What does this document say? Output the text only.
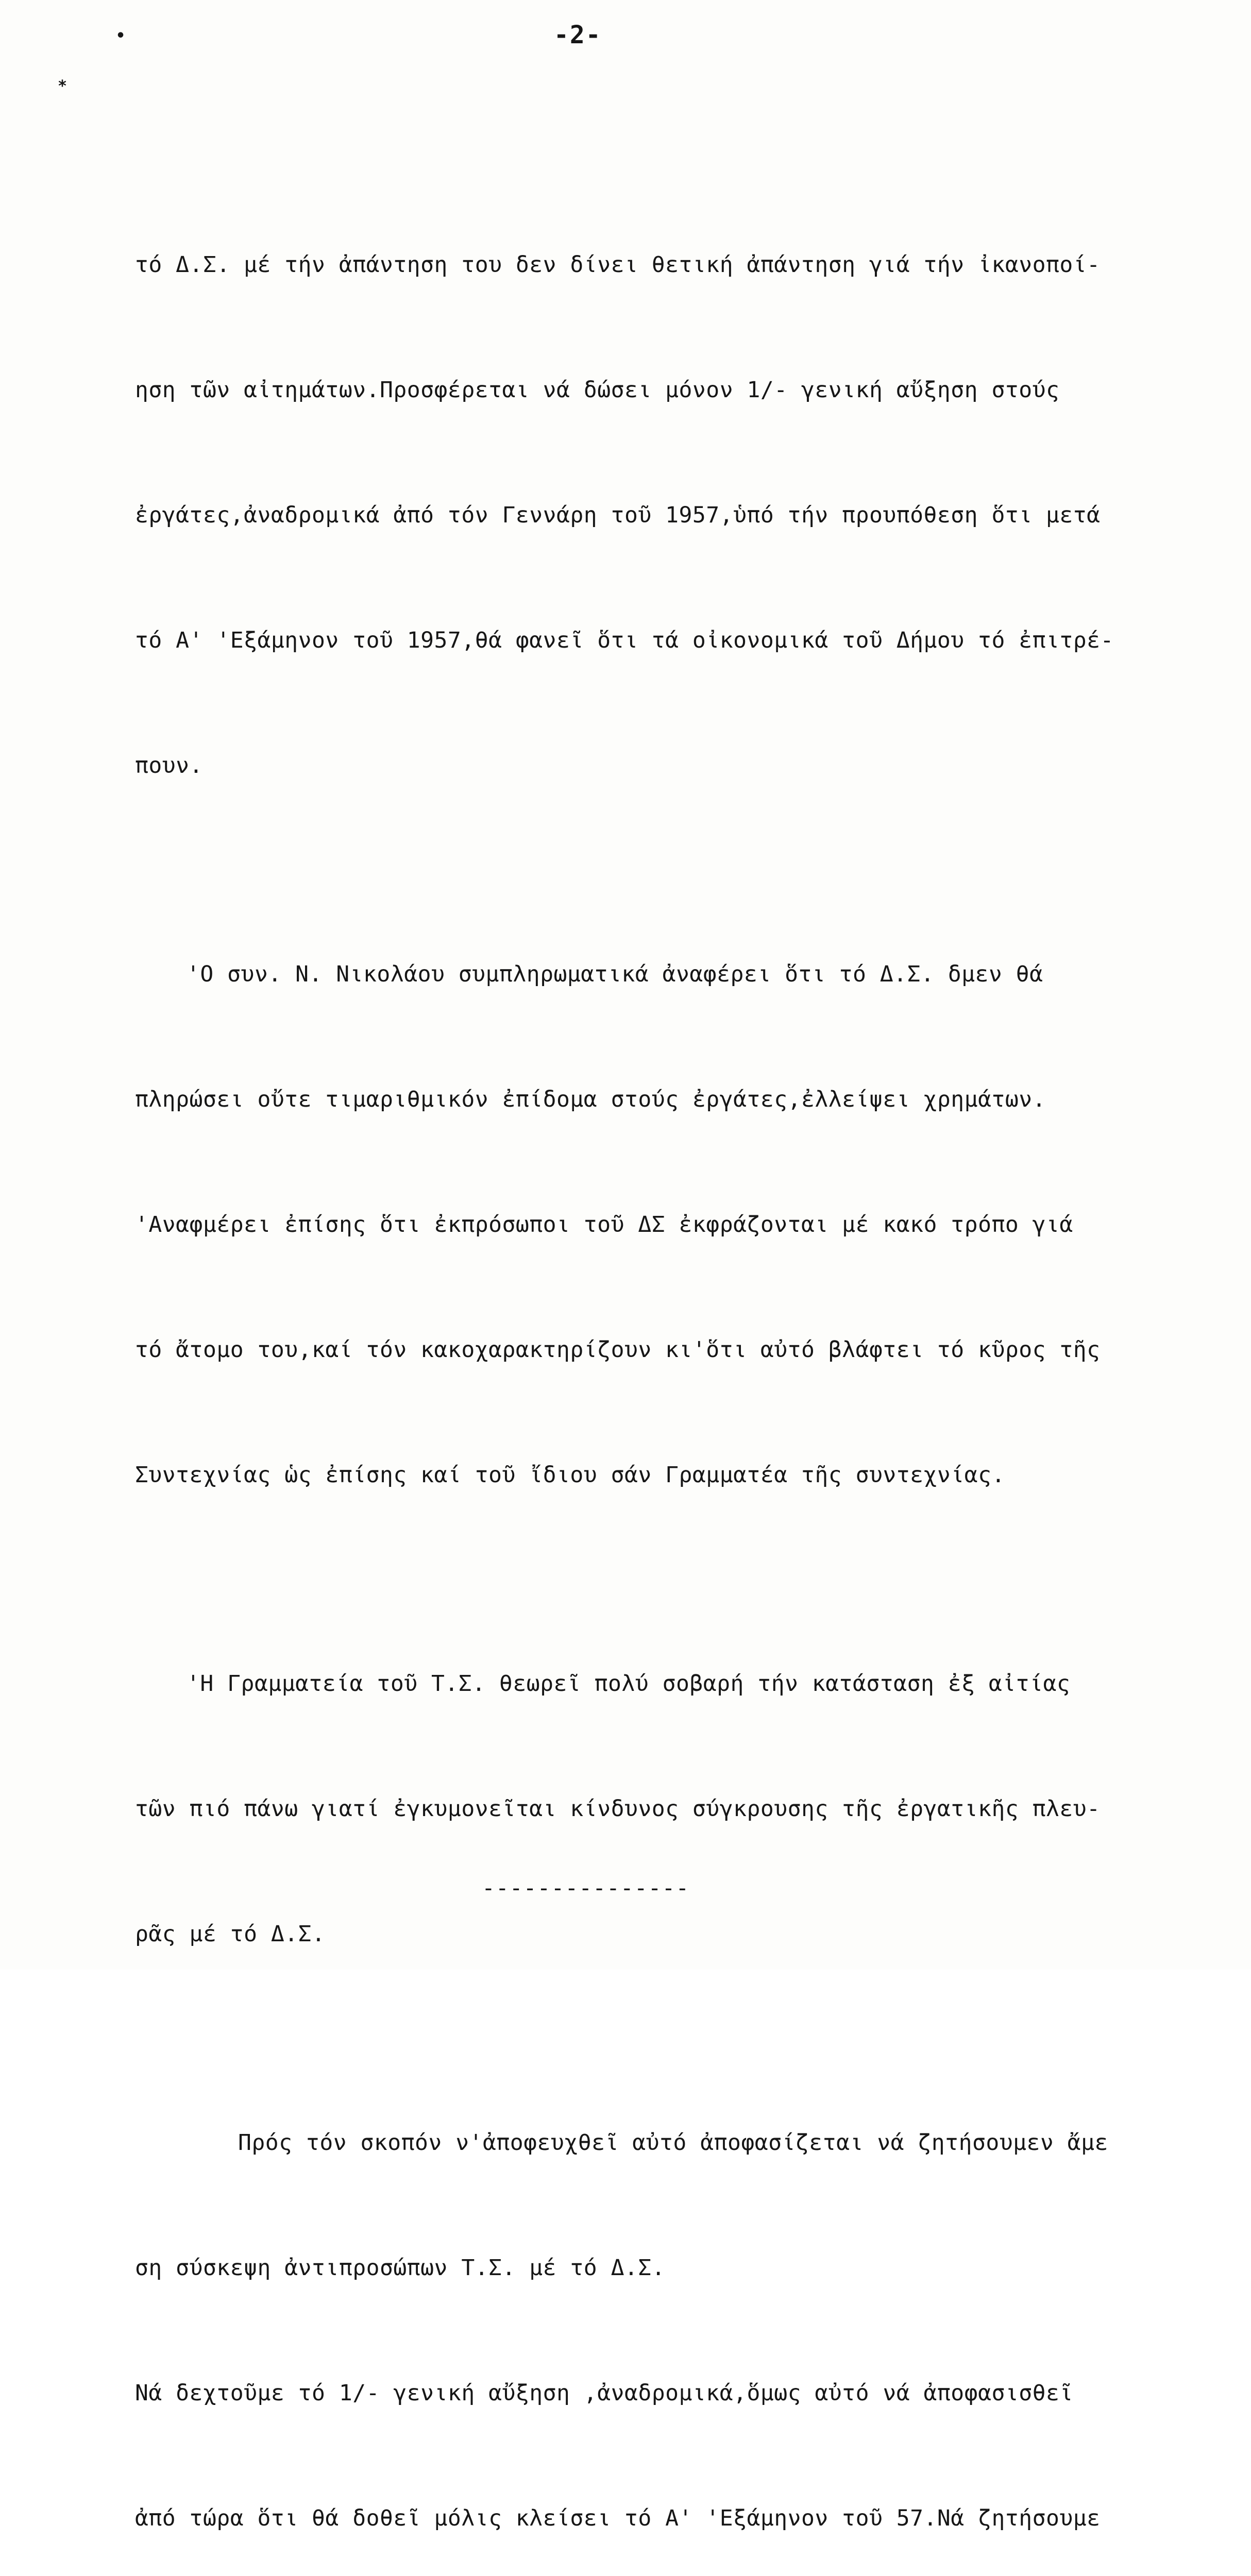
-2-
•
*

τό Δ.Σ. μέ τήν ἀπάντηση του δεν δίνει θετική ἀπάντηση γιά τήν ἰκανοποί-

ηση τῶν αἰτημάτων.Προσφέρεται νά δώσει μόνον 1/- γενική αὔξηση στούς

ἐργάτες,ἀναδρομικά ἀπό τόν Γεννάρη τοῦ 1957,ὑπό τήν προυπόθεση ὅτι μετά

τό Α' 'Εξάμηνον τοῦ 1957,θά φανεῖ ὅτι τά οἰκονομικά τοῦ Δήμου τό ἐπιτρέ-

πουν.

'Ο συν. Ν. Νικολάου συμπληρωματικά ἀναφέρει ὅτι τό Δ.Σ. δμεν θά

πληρώσει οὔτε τιμαριθμικόν ἐπίδομα στούς ἐργάτες,ἐλλείψει χρημάτων.

'Αναφμέρει ἐπίσης ὅτι ἐκπρόσωποι τοῦ ΔΣ ἐκφράζονται μέ κακό τρόπο γιά

τό ἄτομο του,καί τόν κακοχαρακτηρίζουν κι'ὅτι αὐτό βλάφτει τό κῦρος τῆς

Συντεχνίας ὡς ἐπίσης καί τοῦ ἴδιου σάν Γραμματέα τῆς συντεχνίας.

'Η Γραμματεία τοῦ Τ.Σ. θεωρεῖ πολύ σοβαρή τήν κατάσταση ἐξ αἰτίας

τῶν πιό πάνω γιατί ἐγκυμονεῖται κίνδυνος σύγκρουσης τῆς ἐργατικῆς πλευ-

ρᾶς μέ τό Δ.Σ.

Πρός τόν σκοπόν ν'ἀποφευχθεῖ αὐτό ἀποφασίζεται νά ζητήσουμεν ἄμε

ση σύσκεψη ἀντιπροσώπων Τ.Σ. μέ τό Δ.Σ.

Νά δεχτοῦμε τό 1/- γενική αὔξηση ,ἀναδρομικά,ὅμως αὐτό νά ἀποφασισθεῖ

ἀπό τώρα ὅτι θά δοθεῖ μόλις κλείσει τό Α' 'Εξάμηνον τοῦ 57.Νά ζητήσουμε

---------------
